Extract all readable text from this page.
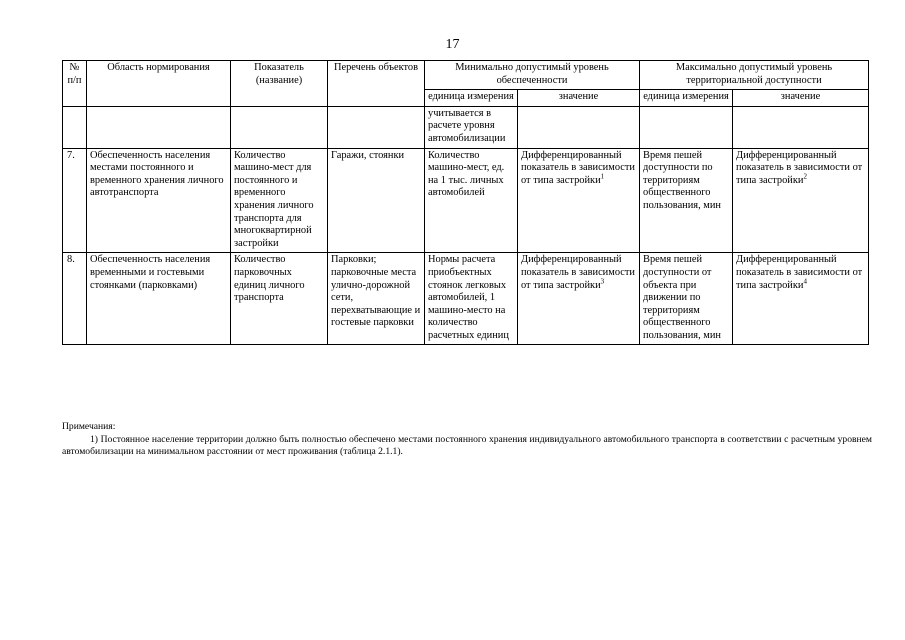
17
№ п/п	Область нормирования	Показатель (название)	Перечень объектов	Минимально допустимый уровень обеспеченности		Максимально допустимый уровень территориальной доступности	
				единица измерения	значение	единица измерения	значение
				учитывается в расчете уровня автомобилизации			
7.	Обеспеченность населения местами постоянного и временного хранения личного автотранспорта	Количество машино-мест для постоянного и временного хранения личного транспорта для многоквартирной застройки	Гаражи, стоянки	Количество машино-мест, ед. на 1 тыс. личных автомобилей	Дифференцированный показатель в зависимости от типа застройки$^1$	Время пешей доступности по территориям общественного пользования, мин	Дифференцированный показатель в зависимости от типа застройки$^2$
8.	Обеспеченность населения временными и гостевыми стоянками (парковками)	Количество парковочных единиц личного транспорта	Парковки; парковочные места улично-дорожной сети, перехватывающие и гостевые парковки	Нормы расчета приобъектных стоянок легковых автомобилей, 1 машино-место на количество расчетных единиц	Дифференцированный показатель в зависимости от типа застройки$^3$	Время пешей доступности от объекта при движении по территориям общественного пользования, мин	Дифференцированный показатель в зависимости от типа застройки$^4$
Примечания:
1) Постоянное население территории должно быть полностью обеспечено местами постоянного хранения индивидуального автомобильного транспорта в соответствии с расчетным уровнем автомобилизации на минимальном расстоянии от мест проживания (таблица 2.1.1).
